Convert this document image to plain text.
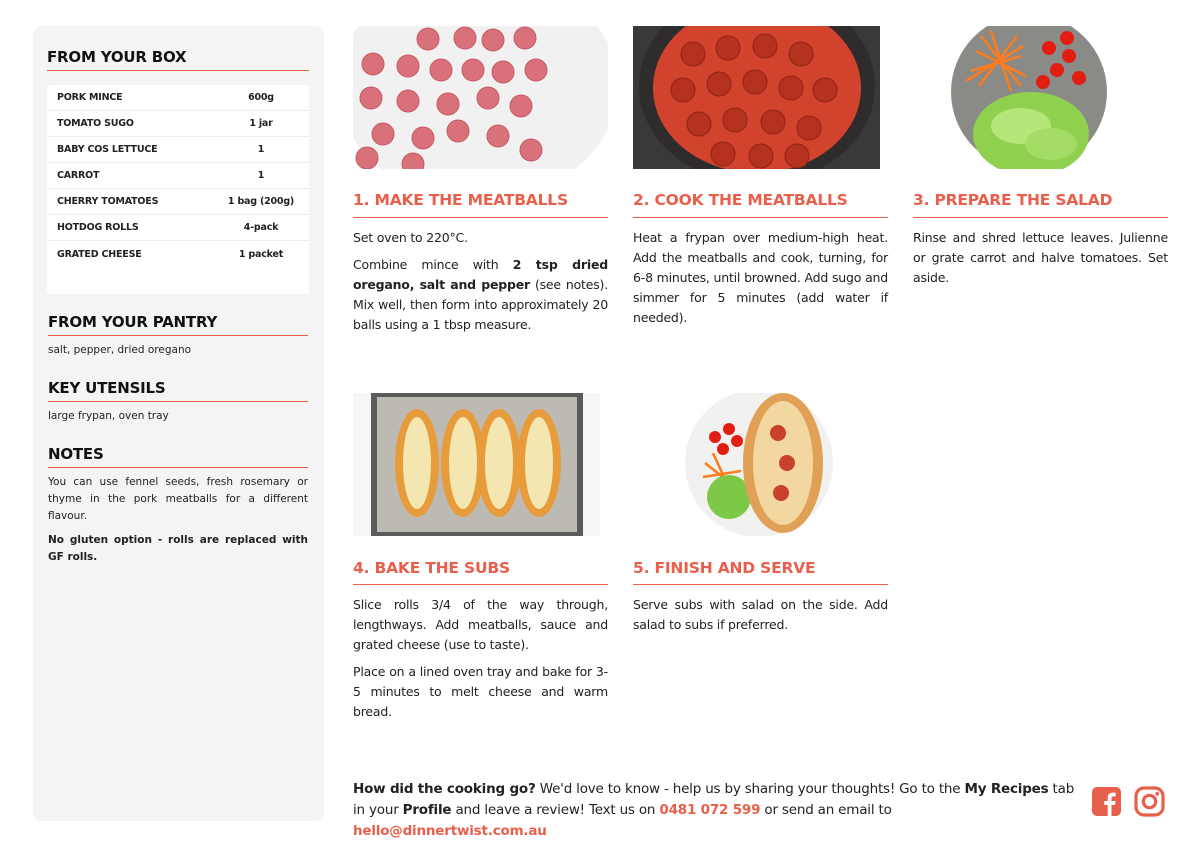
FROM YOUR BOX
PORK MINCE	600g
TOMATO SUGO	1 jar
BABY COS LETTUCE	1
CARROT	1
CHERRY TOMATOES	1 bag (200g)
HOTDOG ROLLS	4-pack
GRATED CHEESE	1 packet
FROM YOUR PANTRY
salt, pepper, dried oregano
KEY UTENSILS
large frypan, oven tray
NOTES
You can use fennel seeds, fresh rosemary or thyme in the pork meatballs for a different flavour.
No gluten option - rolls are replaced with GF rolls.
1. MAKE THE MEATBALLS

Set oven to 220°C.

Combine mince with 2 tsp dried oregano, salt and pepper (see notes). Mix well, then form into approximately 20 balls using a 1 tbsp measure.

2. COOK THE MEATBALLS

Heat a frypan over medium-high heat. Add the meatballs and cook, turning, for 6-8 minutes, until browned. Add sugo and simmer for 5 minutes (add water if needed).

3. PREPARE THE SALAD

Rinse and shred lettuce leaves. Julienne or grate carrot and halve tomatoes. Set aside.

4. BAKE THE SUBS

Slice rolls 3/4 of the way through, lengthways. Add meatballs, sauce and grated cheese (use to taste).

Place on a lined oven tray and bake for 3-5 minutes to melt cheese and warm bread.

5. FINISH AND SERVE

Serve subs with salad on the side. Add salad to subs if preferred.

How did the cooking go? We'd love to know - help us by sharing your thoughts! Go to the My Recipes tab in your Profile and leave a review! Text us on 0481 072 599 or send an email to hello@dinnertwist.com.au
